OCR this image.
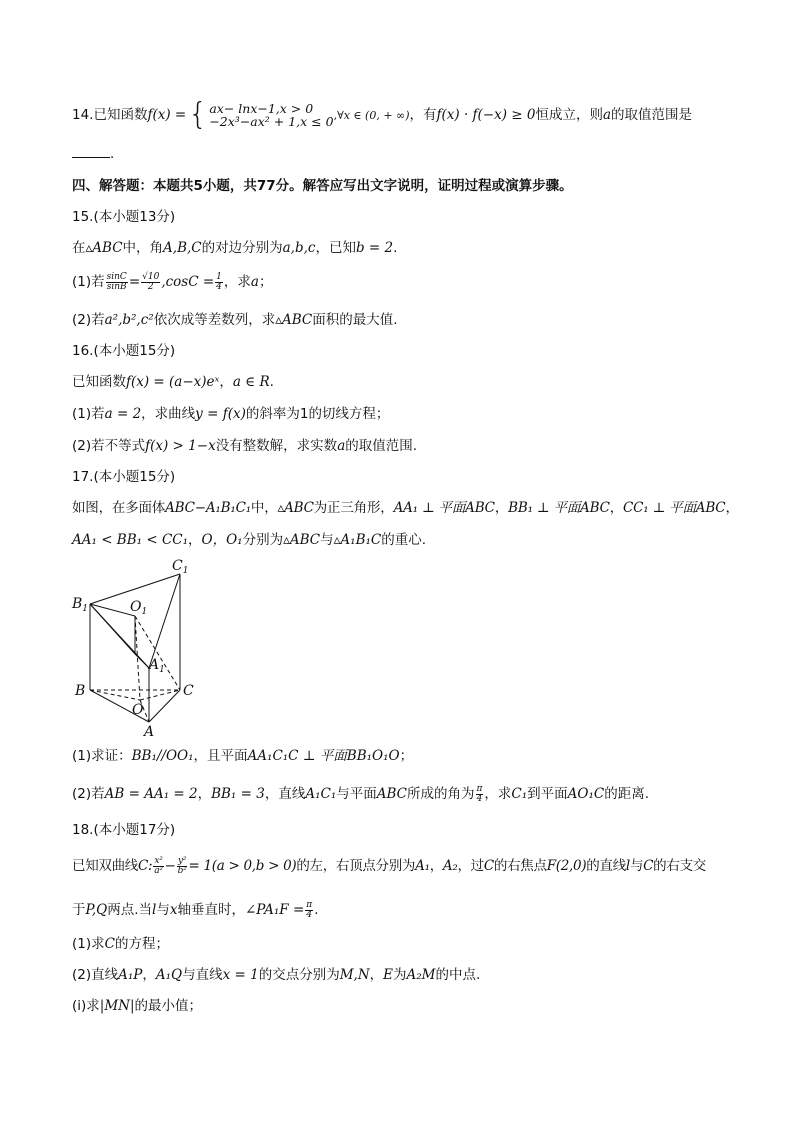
14.已知函数f(x) ={ ax− lnx−1,x > 0
−2x³−ax² + 1,x ≤ 0,∀x ∈ (0, + ∞)，有f(x) · f(−x) ≥ 0恒成立，则a的取值范围是
.
四、解答题：本题共5小题，共77分。解答应写出文字说明，证明过程或演算步骤。
15.(本小题13分)
在▵ABC中，角A,B,C的对边分别为a,b,c，已知b = 2.
(1)若 $\frac{\sin C}{\sin B} = \frac{√10}{2} ,\cos C = \frac{1}{4}$ ，求a；
(2)若a²,b²,c²依次成等差数列，求▵ABC面积的最大值.
16.(本小题15分)
已知函数f(x) = (a−x)eˣ，a ∈ R.
(1)若a = 2，求曲线y = f(x)的斜率为1的切线方程；
(2)若不等式f(x) > 1−x没有整数解，求实数a的取值范围.
17.(本小题15分)
如图，在多面体ABC−A₁B₁C₁中，▵ABC为正三角形，AA₁ ⊥ 平面ABC，BB₁ ⊥ 平面ABC，CC₁ ⊥ 平面ABC，
AA₁ < BB₁ < CC₁，O，O₁分别为▵ABC与▵A₁B₁C的重心.
$C_1$
$B_1$	$O_1$
$A_1$
B	C
O
A
(1)求证：BB₁//OO₁，且平面AA₁C₁C ⊥ 平面BB₁O₁O；
(2)若AB = AA₁ = 2，BB₁ = 3，直线A₁C₁与平面ABC所成的角为 $\frac{\pi}{4}$ ，求C₁到平面AO₁C的距离.
18.(本小题17分)
已知双曲线C: $\frac{\text{x²}}{\text{a²}} - \frac{\text{y²}}{\text{b²}} = 1(a > 0,b > 0)$的左，右顶点分别为A₁，A₂，过C的右焦点F(2,0)的直线l与C的右支交
于P,Q两点.当l与x轴垂直时，∠PA₁F = $\frac{\pi}{4}$ .
(1)求C的方程；
(2)直线A₁P，A₁Q与直线x = 1的交点分别为M,N，E为A₂M的中点.
(i)求|MN|的最小值；
